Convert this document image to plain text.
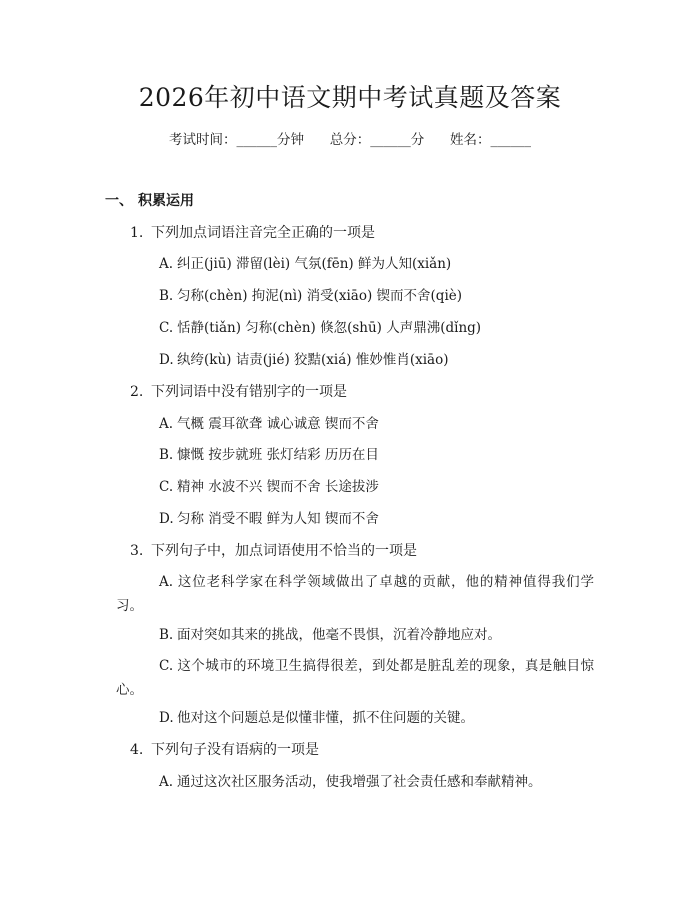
2026年初中语文期中考试真题及答案
考试时间：______分钟      总分：______分      姓名：______
一、 积累运用
1. 下列加点词语注音完全正确的一项是
A. 纠正(jiū) 滞留(lèi) 气氛(fēn) 鲜为人知(xiǎn)
B. 匀称(chèn) 拘泥(nì) 消受(xiāo) 锲而不舍(qiè)
C. 恬静(tiǎn) 匀称(chèn) 倏忽(shū) 人声鼎沸(dǐng)
D. 纨绔(kù) 诘责(jié) 狡黠(xiá) 惟妙惟肖(xiāo)
2. 下列词语中没有错别字的一项是
A. 气概 震耳欲聋 诚心诚意 锲而不舍
B. 慷慨 按步就班 张灯结彩 历历在目
C. 精神 水波不兴 锲而不舍 长途拔涉
D. 匀称 消受不暇 鲜为人知 锲而不舍
3. 下列句子中，加点词语使用不恰当的一项是
A. 这位老科学家在科学领域做出了卓越的贡献，他的精神值得我们学习。
B. 面对突如其来的挑战，他毫不畏惧，沉着冷静地应对。
C. 这个城市的环境卫生搞得很差，到处都是脏乱差的现象，真是触目惊心。
D. 他对这个问题总是似懂非懂，抓不住问题的关键。
4. 下列句子没有语病的一项是
A. 通过这次社区服务活动，使我增强了社会责任感和奉献精神。
